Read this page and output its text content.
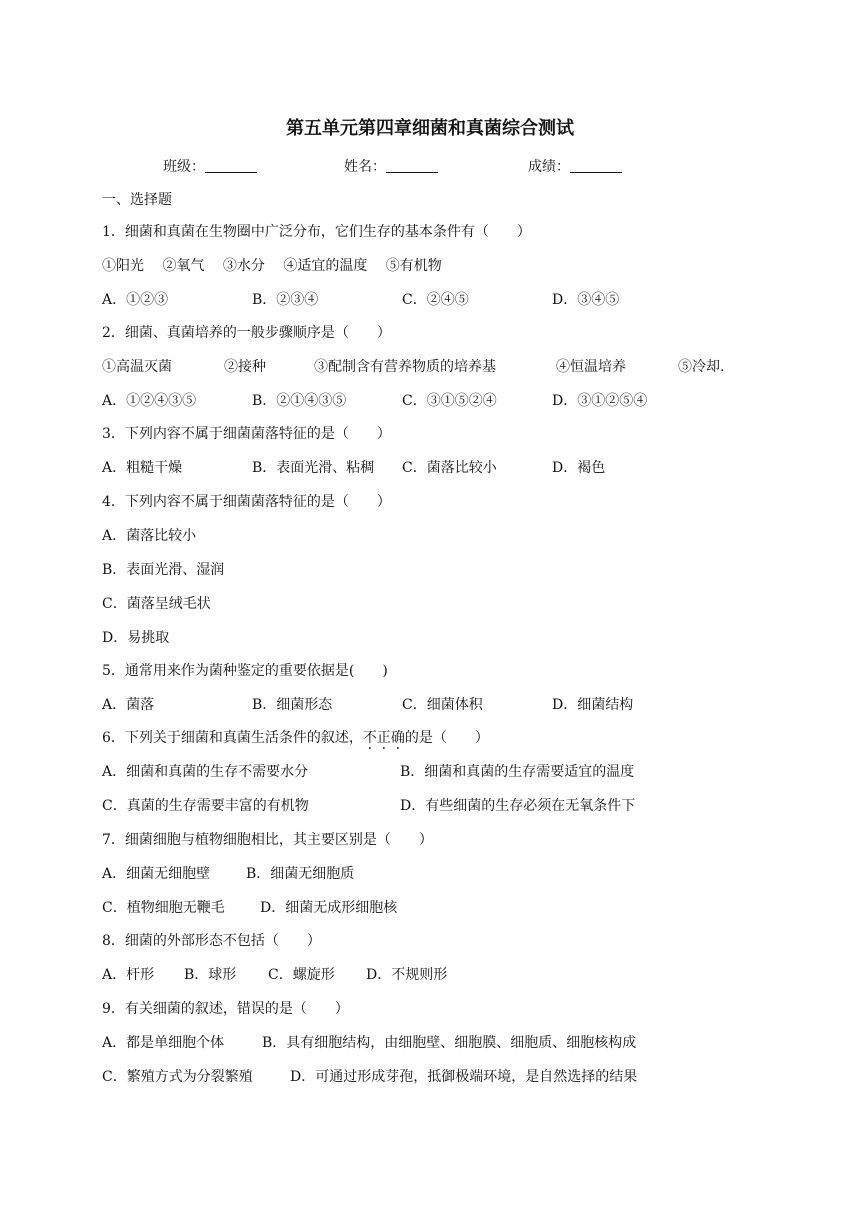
第五单元第四章细菌和真菌综合测试
班级：	姓名：	成绩：
一、选择题
1．细菌和真菌在生物圈中广泛分布，它们生存的基本条件有（　　）
①阳光　 ②氧气　 ③水分　 ④适宜的温度　 ⑤有机物
A．①②③	B．②③④	C．②④⑤	D．③④⑤
2．细菌、真菌培养的一般步骤顺序是（　　）
①高温灭菌	②接种	③配制含有营养物质的培养基	④恒温培养	⑤冷却.
A．①②④③⑤	B．②①④③⑤	C．③①⑤②④	D．③①②⑤④
3．下列内容不属于细菌菌落特征的是（　　）
A．粗糙干燥	B．表面光滑、粘稠 C．菌落比较小	D．褐色
4．下列内容不属于细菌菌落特征的是（　　）
A．菌落比较小
B．表面光滑、湿润
C．菌落呈绒毛状
D．易挑取
5．通常用来作为菌种鉴定的重要依据是(　　)
A．菌落	B．细菌形态	C．细菌体积	D．细菌结构
6．下列关于细菌和真菌生活条件的叙述，不正确的是（　　）
A．细菌和真菌的生存不需要水分	B．细菌和真菌的生存需要适宜的温度
C．真菌的生存需要丰富的有机物	D．有些细菌的生存必须在无氧条件下
7．细菌细胞与植物细胞相比，其主要区别是（　　）
A．细菌无细胞壁	B．细菌无细胞质
C．植物细胞无鞭毛	D．细菌无成形细胞核
8．细菌的外部形态不包括（　　）
A．杆形 B．球形 C．螺旋形 D．不规则形
9．有关细菌的叙述，错误的是（　　）
A．都是单细胞个体	B．具有细胞结构，由细胞壁、细胞膜、细胞质、细胞核构成
C．繁殖方式为分裂繁殖	D．可通过形成芽孢，抵御极端环境，是自然选择的结果
